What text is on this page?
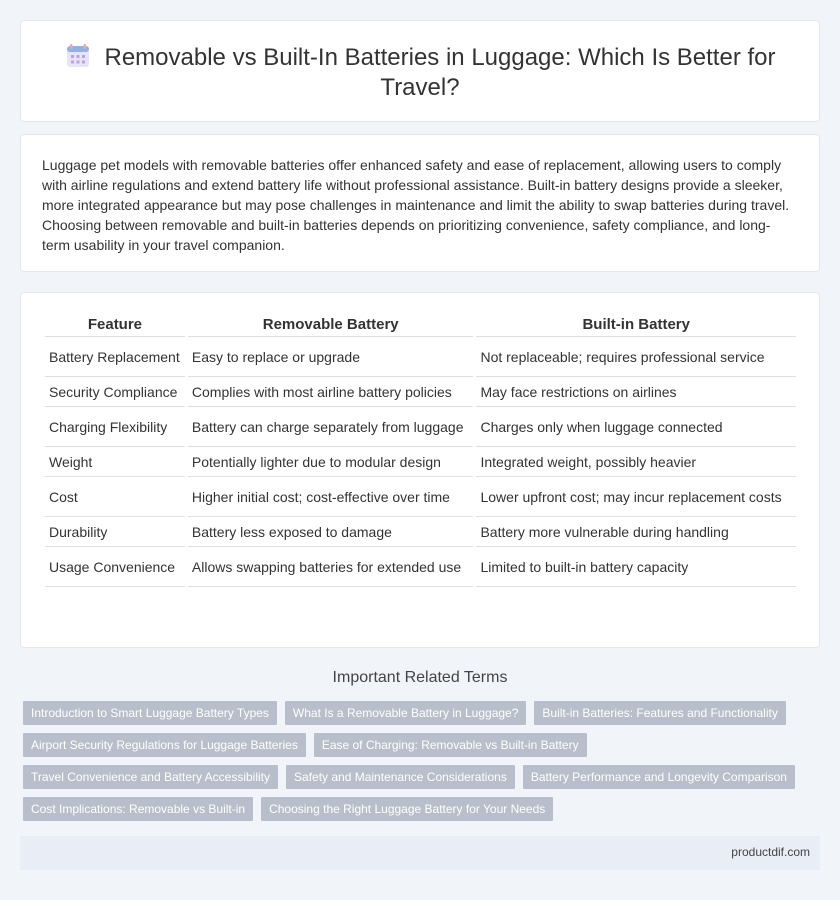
Removable vs Built-In Batteries in Luggage: Which Is Better for Travel?

Luggage pet models with removable batteries offer enhanced safety and ease of replacement, allowing users to comply with airline regulations and extend battery life without professional assistance. Built-in battery designs provide a sleeker, more integrated appearance but may pose challenges in maintenance and limit the ability to swap batteries during travel. Choosing between removable and built-in batteries depends on prioritizing convenience, safety compliance, and long-term usability in your travel companion.

Feature	Removable Battery	Built-in Battery
Battery Replacement	Easy to replace or upgrade	Not replaceable; requires professional service
Security Compliance	Complies with most airline battery policies	May face restrictions on airlines
Charging Flexibility	Battery can charge separately from luggage	Charges only when luggage connected
Weight	Potentially lighter due to modular design	Integrated weight, possibly heavier
Cost	Higher initial cost; cost-effective over time	Lower upfront cost; may incur replacement costs
Durability	Battery less exposed to damage	Battery more vulnerable during handling
Usage Convenience	Allows swapping batteries for extended use	Limited to built-in battery capacity
Important Related Terms
Introduction to Smart Luggage Battery Types	What Is a Removable Battery in Luggage?	Built-in Batteries: Features and Functionality
Airport Security Regulations for Luggage Batteries	Ease of Charging: Removable vs Built-in Battery
Travel Convenience and Battery Accessibility	Safety and Maintenance Considerations	Battery Performance and Longevity Comparison
Cost Implications: Removable vs Built-in	Choosing the Right Luggage Battery for Your Needs
productdif.com
